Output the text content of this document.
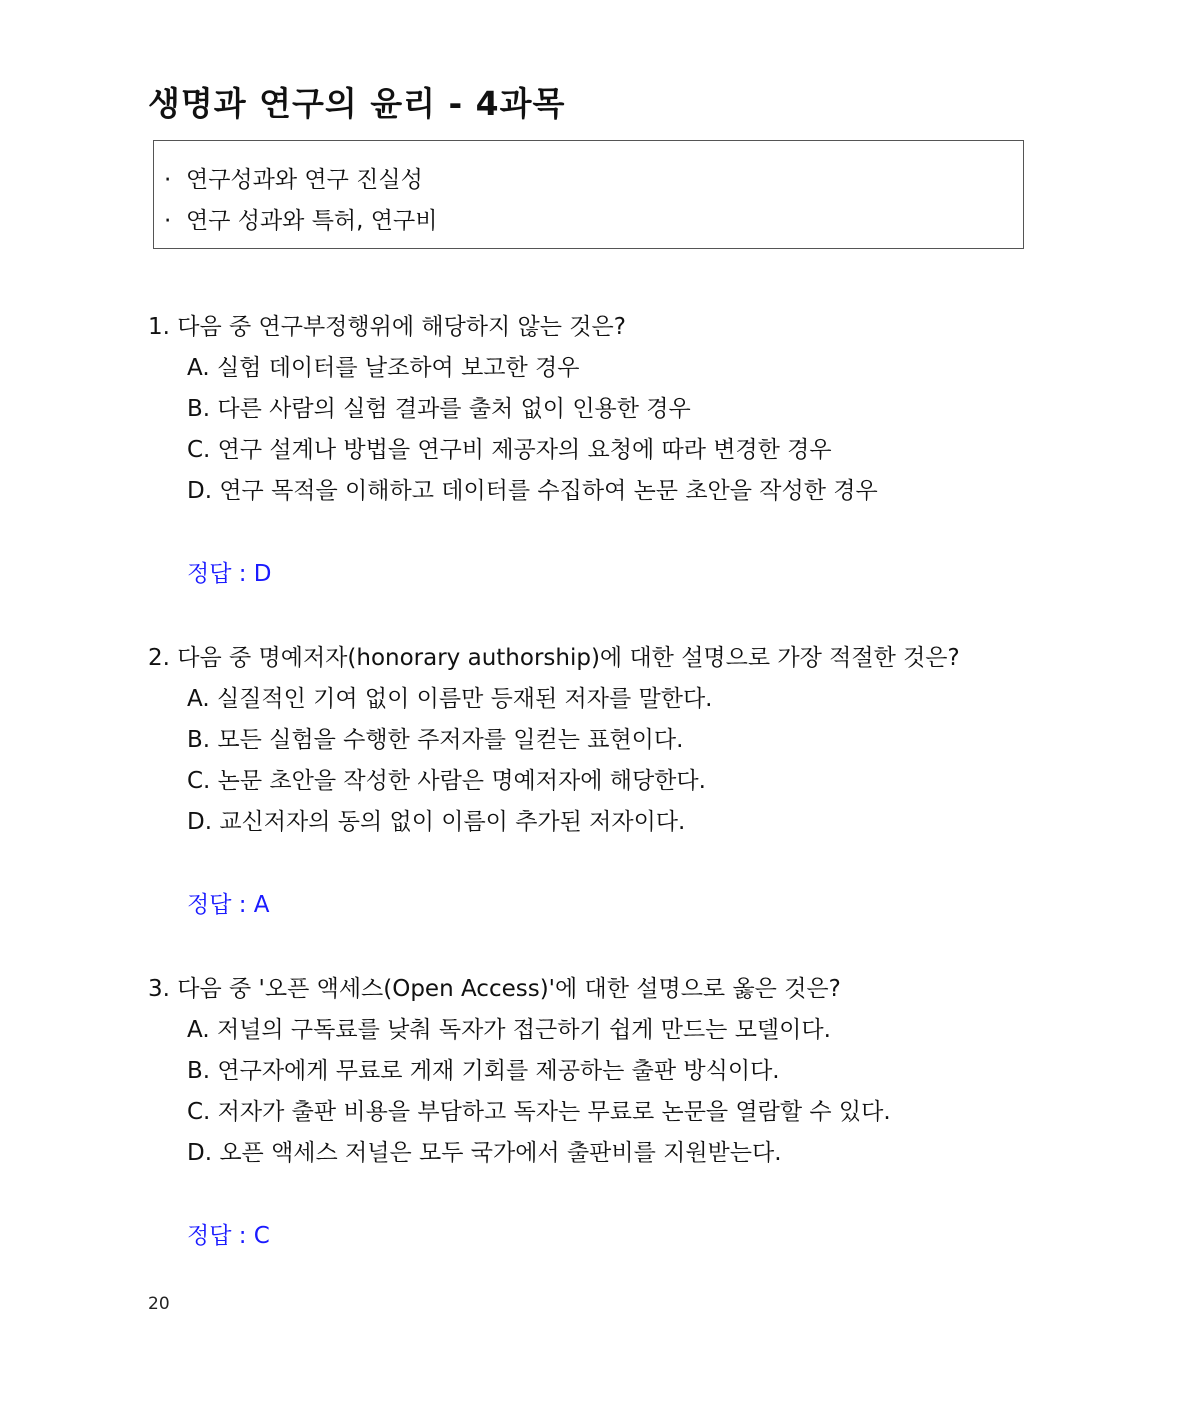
생명과 연구의 윤리 - 4과목
· 연구성과와 연구 진실성
· 연구 성과와 특허, 연구비
1. 다음 중 연구부정행위에 해당하지 않는 것은?
A. 실험 데이터를 날조하여 보고한 경우
B. 다른 사람의 실험 결과를 출처 없이 인용한 경우
C. 연구 설계나 방법을 연구비 제공자의 요청에 따라 변경한 경우
D. 연구 목적을 이해하고 데이터를 수집하여 논문 초안을 작성한 경우
정답 : D
2. 다음 중 명예저자(honorary authorship)에 대한 설명으로 가장 적절한 것은?
A. 실질적인 기여 없이 이름만 등재된 저자를 말한다.
B. 모든 실험을 수행한 주저자를 일컫는 표현이다.
C. 논문 초안을 작성한 사람은 명예저자에 해당한다.
D. 교신저자의 동의 없이 이름이 추가된 저자이다.
정답 : A
3. 다음 중 '오픈 액세스(Open Access)'에 대한 설명으로 옳은 것은?
A. 저널의 구독료를 낮춰 독자가 접근하기 쉽게 만드는 모델이다.
B. 연구자에게 무료로 게재 기회를 제공하는 출판 방식이다.
C. 저자가 출판 비용을 부담하고 독자는 무료로 논문을 열람할 수 있다.
D. 오픈 액세스 저널은 모두 국가에서 출판비를 지원받는다.
정답 : C
20
